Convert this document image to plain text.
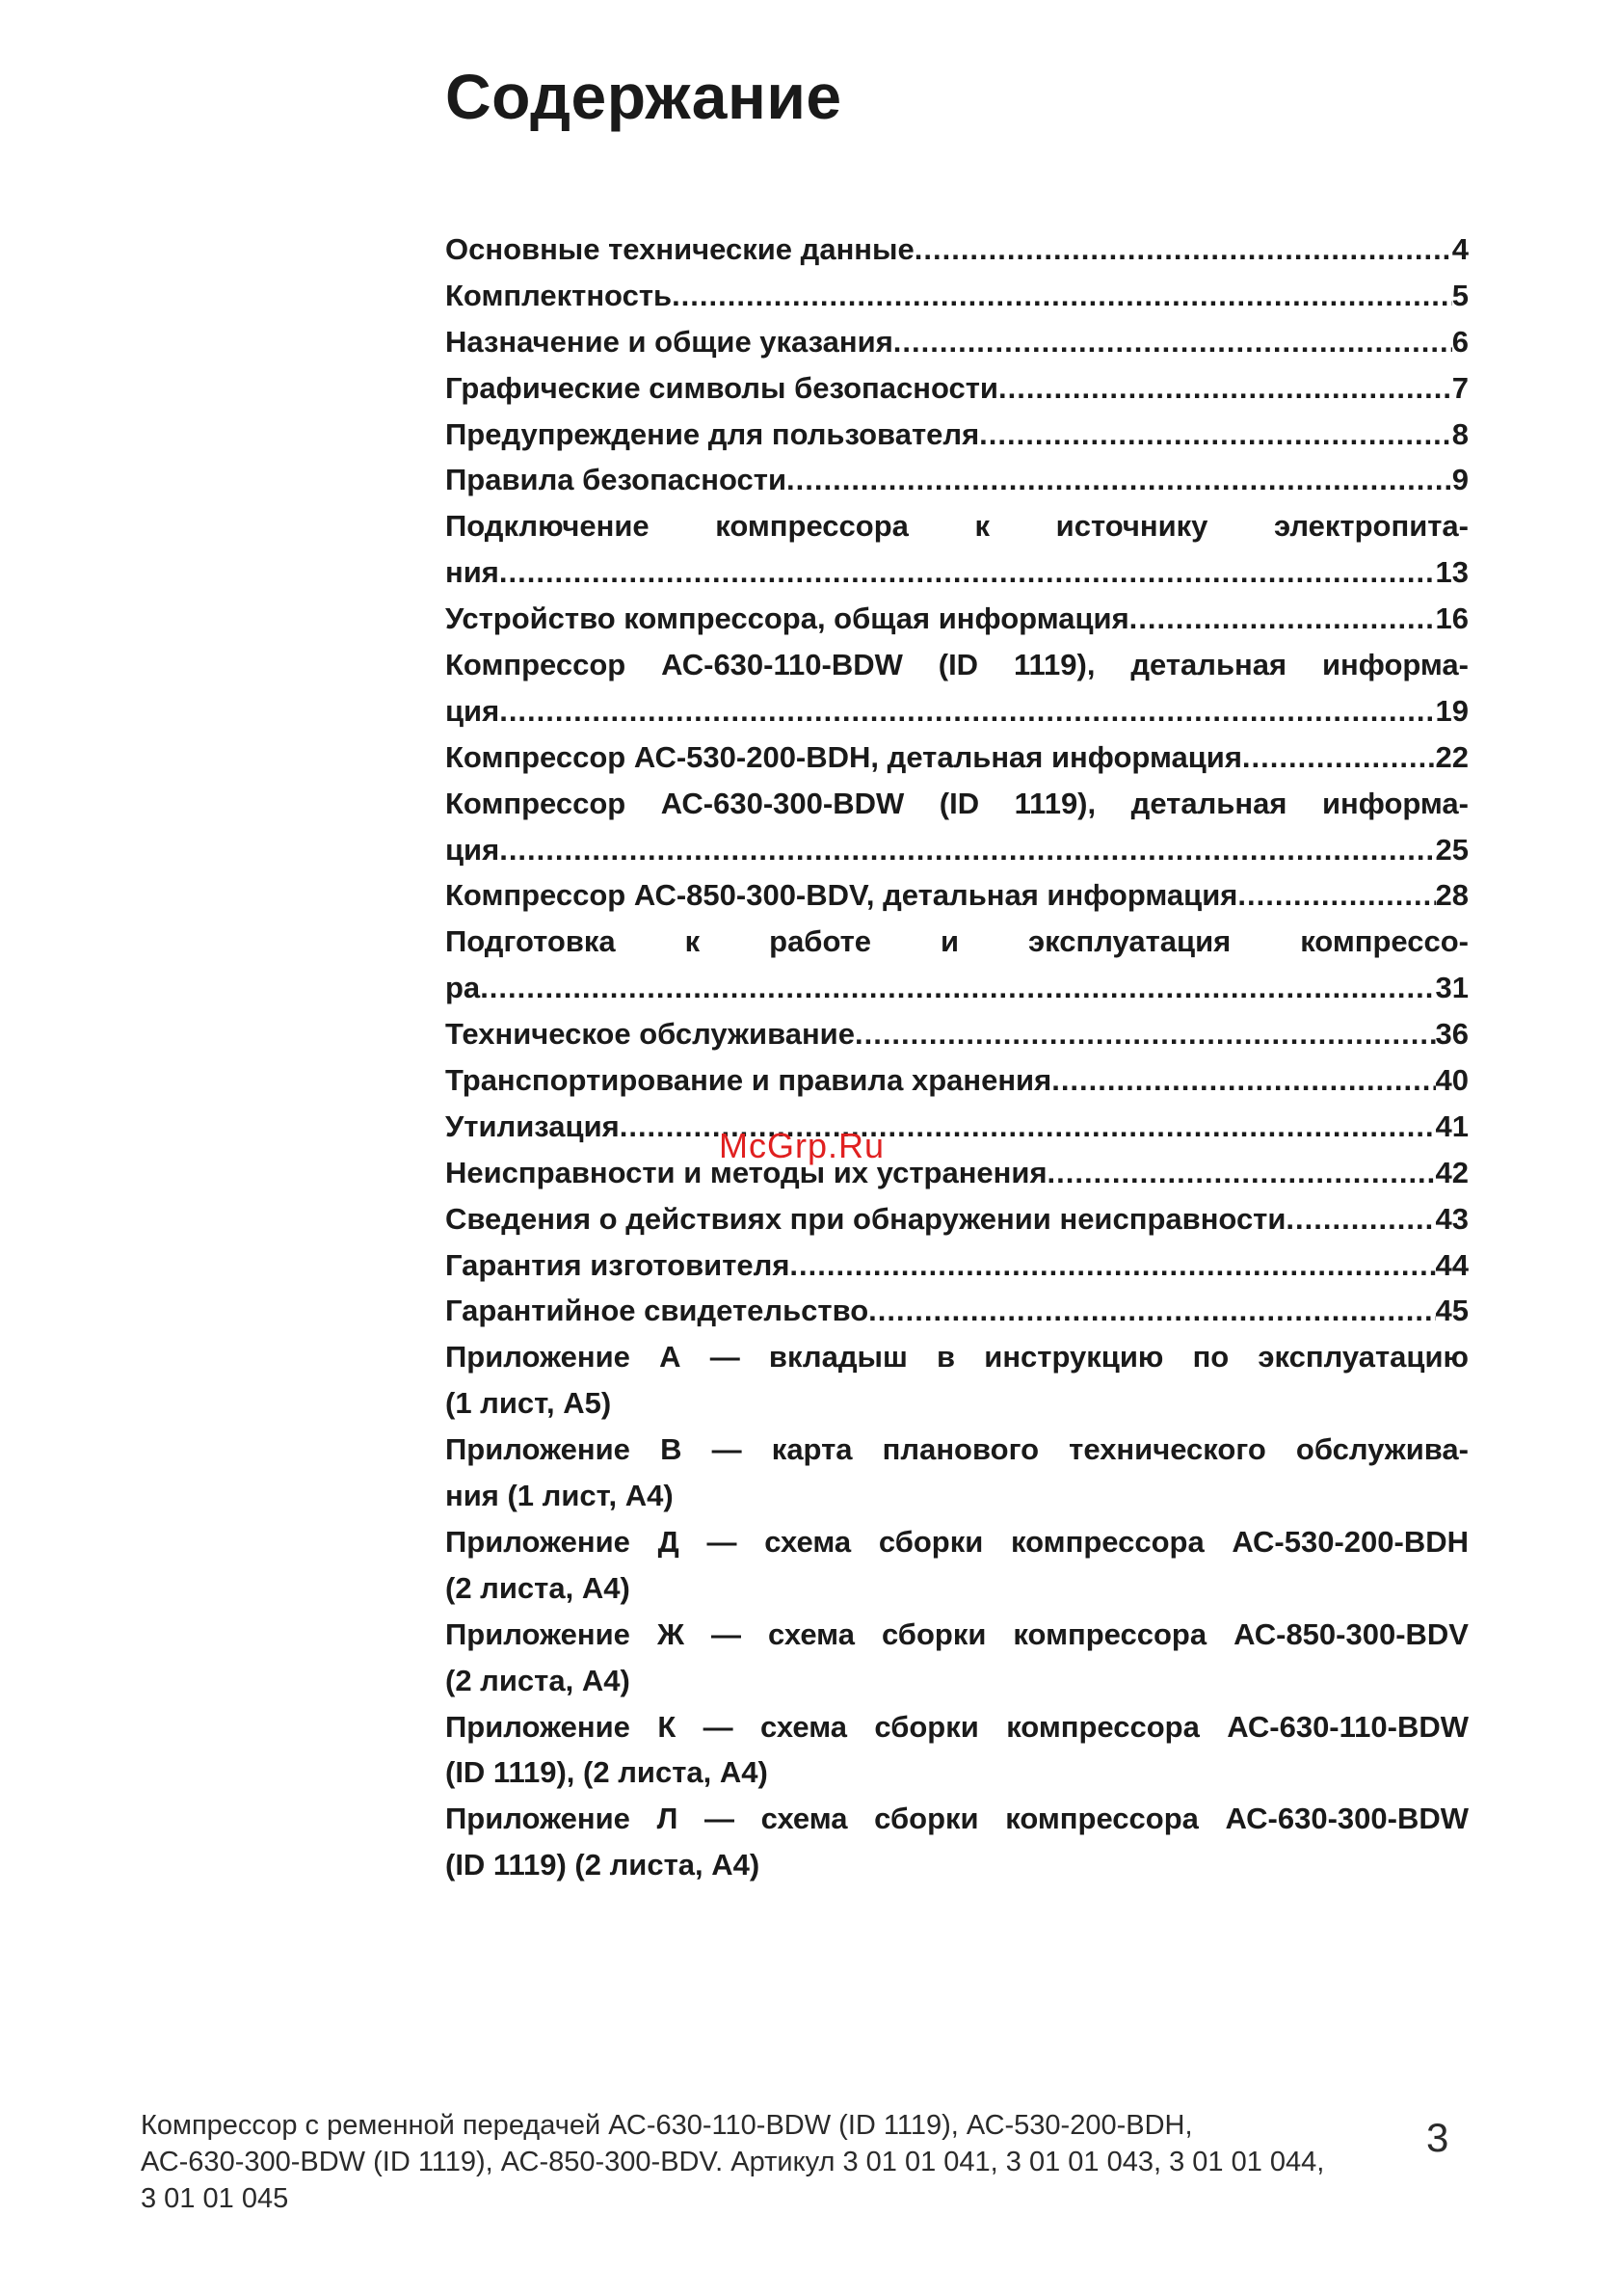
Содержание
Основные технические данные .....	4
Комплектность .....	5
Назначение и общие указания .....	6
Графические символы безопасности .....	7
Предупреждение для пользователя .....	8
Правила безопасности .....	9
Подключение компрессора к источнику электропита-
ния .....	13
Устройство компрессора, общая информация .....	16
Компрессор АС-630-110-BDW (ID 1119), детальная информа-
ция .....	19
Компрессор АС-530-200-BDH, детальная информация .....	22
Компрессор АС-630-300-BDW (ID 1119), детальная информа-
ция .....	25
Компрессор АС-850-300-BDV, детальная информация .....	28
Подготовка к работе и эксплуатация компрессо-
ра .....	31
Техническое обслуживание .....	36
Транспортирование и правила хранения .....	40
Утилизация .....	41
Неисправности и методы их устранения .....	42
Сведения о действиях при обнаружении неисправности .....	43
Гарантия изготовителя .....	44
Гарантийное свидетельство .....	45
Приложение А — вкладыш в инструкцию по эксплуатацию
(1 лист, А5)
Приложение В — карта планового технического обслужива-
ния (1 лист, А4)
Приложение Д — схема сборки компрессора АС-530-200-BDH
(2 листа, А4)
Приложение Ж — схема сборки компрессора АС-850-300-BDV
(2 листа, А4)
Приложение К — схема сборки компрессора АС-630-110-BDW
(ID 1119), (2 листа, А4)
Приложение Л — схема сборки компрессора АС-630-300-BDW
(ID 1119) (2 листа, А4)
McGrp.Ru
Компрессор с ременной передачей АС-630-110-BDW (ID 1119), АС-530-200-BDH,
АС-630-300-BDW (ID 1119), АС-850-300-BDV. Артикул 3 01 01 041, 3 01 01 043, 3 01 01 044,
3 01 01 045
3
